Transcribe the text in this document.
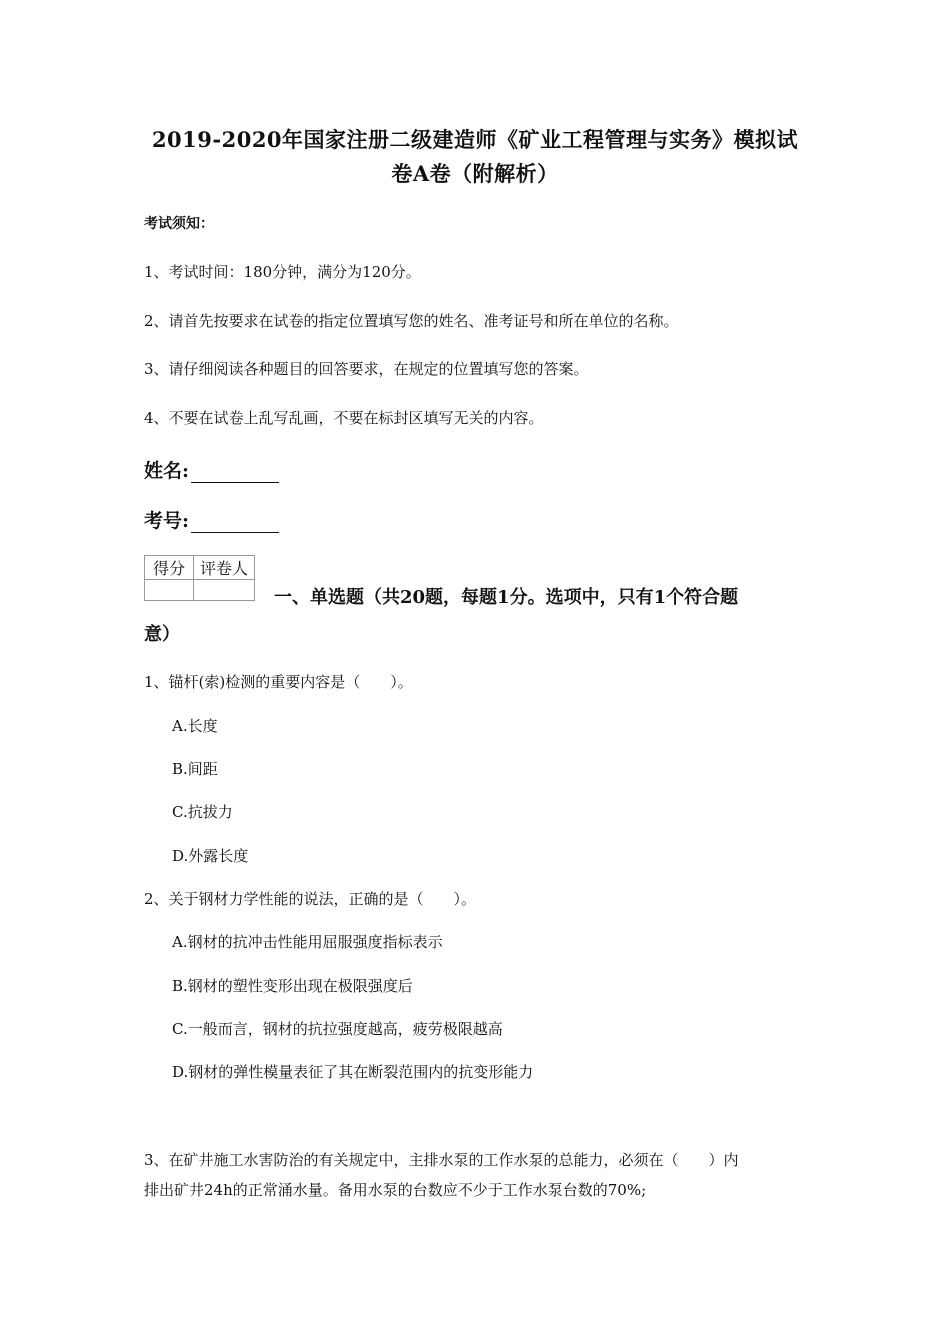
2019-2020年国家注册二级建造师《矿业工程管理与实务》模拟试
卷A卷（附解析）
考试须知：
1、考试时间：180分钟，满分为120分。
2、请首先按要求在试卷的指定位置填写您的姓名、准考证号和所在单位的名称。
3、请仔细阅读各种题目的回答要求，在规定的位置填写您的答案。
4、不要在试卷上乱写乱画，不要在标封区填写无关的内容。
姓名:
考号:
得分	评卷人

一、单选题（共20题，每题1分。选项中，只有1个符合题
意）
1、锚杆(索)检测的重要内容是（　　）。
A.长度
B.间距
C.抗拔力
D.外露长度
2、关于钢材力学性能的说法，正确的是（　　）。
A.钢材的抗冲击性能用屈服强度指标表示
B.钢材的塑性变形出现在极限强度后
C.一般而言，钢材的抗拉强度越高，疲劳极限越高
D.钢材的弹性模量表征了其在断裂范围内的抗变形能力
3、在矿井施工水害防治的有关规定中，主排水泵的工作水泵的总能力，必须在（　　）内
排出矿井24h的正常涌水量。备用水泵的台数应不少于工作水泵台数的70%;
